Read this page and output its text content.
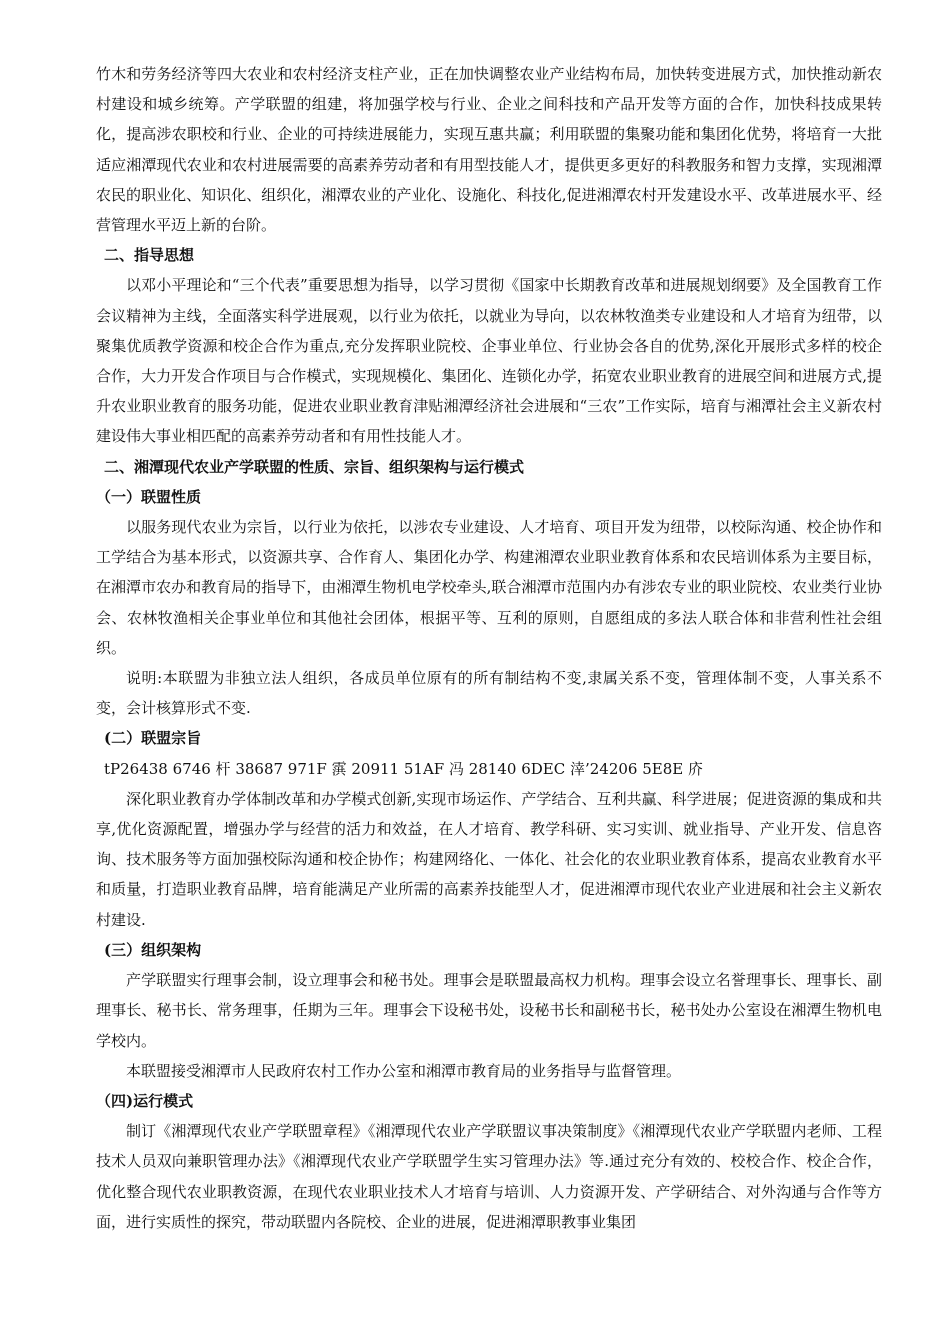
竹木和劳务经济等四大农业和农村经济支柱产业，正在加快调整农业产业结构布局，加快转变进展方式，加快推动新农村建设和城乡统筹。产学联盟的组建，将加强学校与行业、企业之间科技和产品开发等方面的合作，加快科技成果转化，提高涉农职校和行业、企业的可持续进展能力，实现互惠共赢；利用联盟的集聚功能和集团化优势，将培育一大批适应湘潭现代农业和农村进展需要的高素养劳动者和有用型技能人才，提供更多更好的科教服务和智力支撑，实现湘潭农民的职业化、知识化、组织化，湘潭农业的产业化、设施化、科技化,促进湘潭农村开发建设水平、改革进展水平、经营管理水平迈上新的台阶。

二、指导思想

以邓小平理论和“三个代表”重要思想为指导，以学习贯彻《国家中长期教育改革和进展规划纲要》及全国教育工作会议精神为主线，全面落实科学进展观，以行业为依托，以就业为导向，以农林牧渔类专业建设和人才培育为纽带，以聚集优质教学资源和校企合作为重点,充分发挥职业院校、企事业单位、行业协会各自的优势,深化开展形式多样的校企合作，大力开发合作项目与合作模式，实现规模化、集团化、连锁化办学，拓宽农业职业教育的进展空间和进展方式,提升农业职业教育的服务功能，促进农业职业教育津贴湘潭经济社会进展和“三农”工作实际，培育与湘潭社会主义新农村建设伟大事业相匹配的高素养劳动者和有用性技能人才。

二、湘潭现代农业产学联盟的性质、宗旨、组织架构与运行模式

（一）联盟性质

以服务现代农业为宗旨，以行业为依托，以涉农专业建设、人才培育、项目开发为纽带，以校际沟通、校企协作和工学结合为基本形式，以资源共享、合作育人、集团化办学、构建湘潭农业职业教育体系和农民培训体系为主要目标，在湘潭市农办和教育局的指导下，由湘潭生物机电学校牵头,联合湘潭市范围内办有涉农专业的职业院校、农业类行业协会、农林牧渔相关企事业单位和其他社会团体，根据平等、互利的原则，自愿组成的多法人联合体和非营利性社会组织。

说明:本联盟为非独立法人组织，各成员单位原有的所有制结构不变,隶属关系不变，管理体制不变，人事关系不变，会计核算形式不变.

(二）联盟宗旨

tP26438 6746 杆 38687 971F 霟 20911 51AF 冯 28140 6DEC 涬’24206 5E8E 庎

深化职业教育办学体制改革和办学模式创新,实现市场运作、产学结合、互利共赢、科学进展；促进资源的集成和共享,优化资源配置，增强办学与经营的活力和效益，在人才培育、教学科研、实习实训、就业指导、产业开发、信息咨询、技术服务等方面加强校际沟通和校企协作；构建网络化、一体化、社会化的农业职业教育体系，提高农业教育水平和质量，打造职业教育品牌，培育能满足产业所需的高素养技能型人才，促进湘潭市现代农业产业进展和社会主义新农村建设.

(三）组织架构

产学联盟实行理事会制，设立理事会和秘书处。理事会是联盟最高权力机构。理事会设立名誉理事长、理事长、副理事长、秘书长、常务理事，任期为三年。理事会下设秘书处，设秘书长和副秘书长，秘书处办公室设在湘潭生物机电学校内。

本联盟接受湘潭市人民政府农村工作办公室和湘潭市教育局的业务指导与监督管理。

（四)运行模式

制订《湘潭现代农业产学联盟章程》《湘潭现代农业产学联盟议事决策制度》《湘潭现代农业产学联盟内老师、工程技术人员双向兼职管理办法》《湘潭现代农业产学联盟学生实习管理办法》等.通过充分有效的、校校合作、校企合作，优化整合现代农业职教资源，在现代农业职业技术人才培育与培训、人力资源开发、产学研结合、对外沟通与合作等方面，进行实质性的探究，带动联盟内各院校、企业的进展，促进湘潭职教事业集团
